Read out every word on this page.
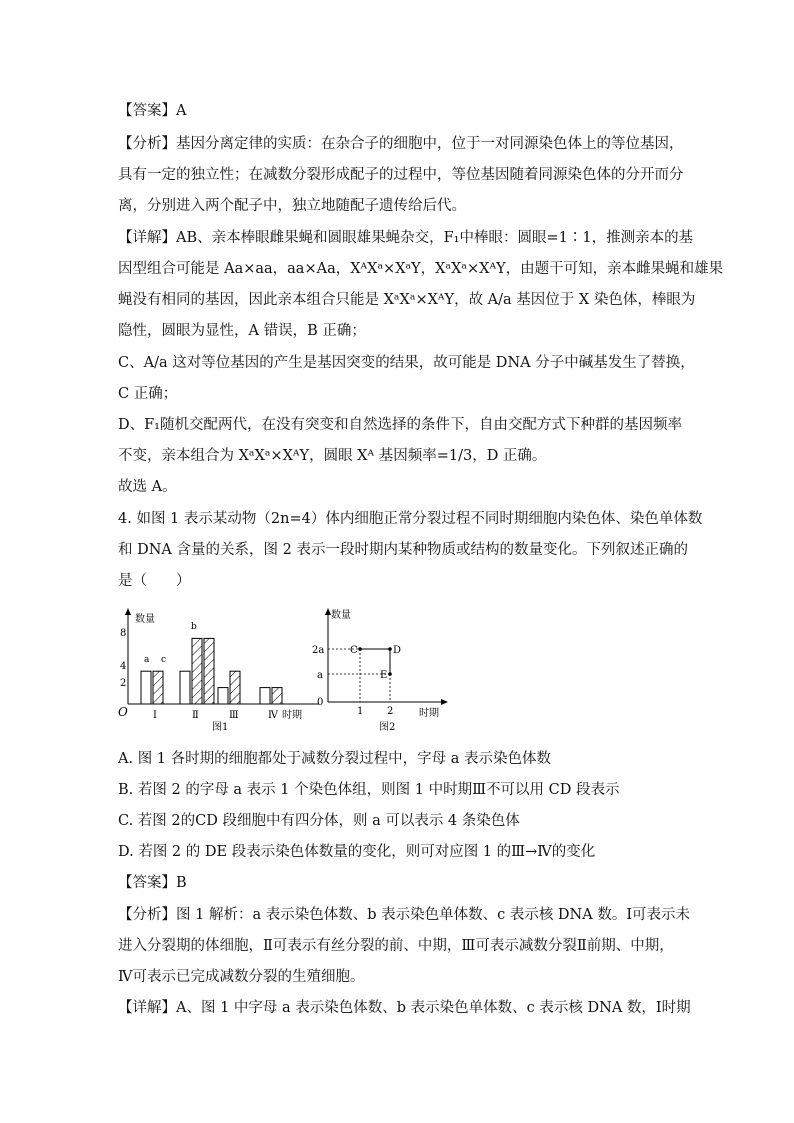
【答案】A
【分析】基因分离定律的实质：在杂合子的细胞中，位于一对同源染色体上的等位基因，
具有一定的独立性；在减数分裂形成配子的过程中，等位基因随着同源染色体的分开而分
离，分别进入两个配子中，独立地随配子遗传给后代。
【详解】AB、亲本棒眼雌果蝇和圆眼雄果蝇杂交，F₁中棒眼：圆眼=1∶1，推测亲本的基
因型组合可能是 Aa×aa，aa×Aa，XᴬXᵃ×XᵃY，XᵃXᵃ×XᴬY，由题干可知，亲本雌果蝇和雄果
蝇没有相同的基因，因此亲本组合只能是 XᵃXᵃ×XᴬY，故 A/a 基因位于 X 染色体，棒眼为
隐性，圆眼为显性，A 错误，B 正确；
C、A/a 这对等位基因的产生是基因突变的结果，故可能是 DNA 分子中碱基发生了替换，
C 正确；
D、F₁随机交配两代，在没有突变和自然选择的条件下，自由交配方式下种群的基因频率
不变，亲本组合为 XᵃXᵃ×XᴬY，圆眼 Xᴬ 基因频率=1/3，D 正确。
故选 A。
4. 如图 1 表示某动物（2n=4）体内细胞正常分裂过程不同时期细胞内染色体、染色单体数
和 DNA 含量的关系，图 2 表示一段时期内某种物质或结构的数量变化。下列叙述正确的
是（　　）
数量
8
4
2
O
a c
b
Ⅰ	Ⅱ	Ⅲ	Ⅳ 时期
图1
数量
2a
a
0
C	D
E
1 2	时期
图2
A. 图 1 各时期的细胞都处于减数分裂过程中，字母 a 表示染色体数
B. 若图 2 的字母 a 表示 1 个染色体组，则图 1 中时期Ⅲ不可以用 CD 段表示
C. 若图 2的CD 段细胞中有四分体，则 a 可以表示 4 条染色体
D. 若图 2 的 DE 段表示染色体数量的变化，则可对应图 1 的Ⅲ→Ⅳ的变化
【答案】B
【分析】图 1 解析：a 表示染色体数、b 表示染色单体数、c 表示核 DNA 数。Ⅰ可表示未
进入分裂期的体细胞，Ⅱ可表示有丝分裂的前、中期，Ⅲ可表示减数分裂Ⅱ前期、中期，
Ⅳ可表示已完成减数分裂的生殖细胞。
【详解】A、图 1 中字母 a 表示染色体数、b 表示染色单体数、c 表示核 DNA 数，Ⅰ时期
